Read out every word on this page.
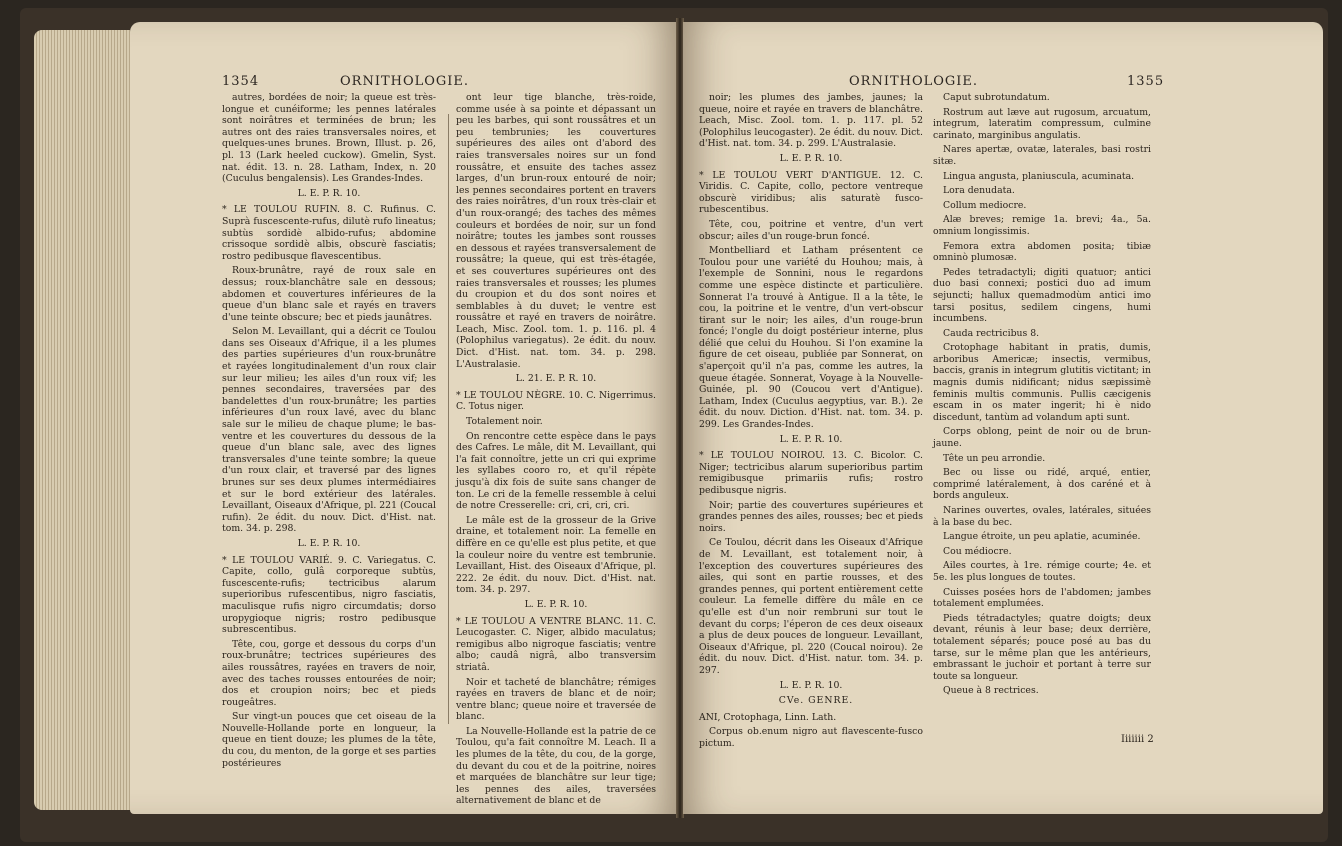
1354	ORNITHOLOGIE.

autres, bordées de noir; la queue est très-longue et cunéiforme; les pennes latérales sont noirâtres et terminées de brun; les autres ont des raies transversales noires, et quelques-unes brunes. Brown, Illust. p. 26, pl. 13 (Lark heeled cuckow). Gmelin, Syst. nat. édit. 13. n. 28. Latham, Index, n. 20 (Cuculus bengalensis). Les Grandes-Indes.

L. E. P. R. 10.

* LE TOULOU RUFIN. 8. C. Rufinus. C. Suprà fuscescente-rufus, dilutè rufo lineatus; subtùs sordidè albido-rufus; abdomine crissoque sordidè albis, obscurè fasciatis; rostro pedibusque flavescentibus.

Roux-brunâtre, rayé de roux sale en dessus; roux-blanchâtre sale en dessous; abdomen et couvertures inférieures de la queue d'un blanc sale et rayés en travers d'une teinte obscure; bec et pieds jaunâtres.

Selon M. Levaillant, qui a décrit ce Toulou dans ses Oiseaux d'Afrique, il a les plumes des parties supérieures d'un roux-brunâtre et rayées longitudinalement d'un roux clair sur leur milieu; les ailes d'un roux vif; les pennes secondaires, traversées par des bandelettes d'un roux-brunâtre; les parties inférieures d'un roux lavé, avec du blanc sale sur le milieu de chaque plume; le bas-ventre et les couvertures du dessous de la queue d'un blanc sale, avec des lignes transversales d'une teinte sombre; la queue d'un roux clair, et traversé par des lignes brunes sur ses deux plumes intermédiaires et sur le bord extérieur des latérales. Levaillant, Oiseaux d'Afrique, pl. 221 (Coucal rufin). 2e édit. du nouv. Dict. d'Hist. nat. tom. 34. p. 298.

L. E. P. R. 10.

* LE TOULOU VARIÉ. 9. C. Variegatus. C. Capite, collo, gulâ corporeque subtùs, fuscescente-rufis; tectricibus alarum superioribus rufescentibus, nigro fasciatis, maculisque rufis nigro circumdatis; dorso uropygioque nigris; rostro pedibusque subrescentibus.

Tête, cou, gorge et dessous du corps d'un roux-brunâtre; tectrices supérieures des ailes roussâtres, rayées en travers de noir, avec des taches rousses entourées de noir; dos et croupion noirs; bec et pieds rougeâtres.

Sur vingt-un pouces que cet oiseau de la Nouvelle-Hollande porte en longueur, la queue en tient douze; les plumes de la tête, du cou, du menton, de la gorge et ses parties postérieures

ont leur tige blanche, très-roide, comme usée à sa pointe et dépassant un peu les barbes, qui sont roussâtres et un peu tembrunies; les couvertures supérieures des ailes ont d'abord des raies transversales noires sur un fond roussâtre, et ensuite des taches assez larges, d'un brun-roux entouré de noir; les pennes secondaires portent en travers des raies noirâtres, d'un roux très-clair et d'un roux-orangé; des taches des mêmes couleurs et bordées de noir, sur un fond noirâtre; toutes les jambes sont rousses en dessous et rayées transversalement de roussâtre; la queue, qui est très-étagée, et ses couvertures supérieures ont des raies transversales et rousses; les plumes du croupion et du dos sont noires et semblables à du duvet; le ventre est roussâtre et rayé en travers de noirâtre. Leach, Misc. Zool. tom. 1. p. 116. pl. 4 (Polophilus variegatus). 2e édit. du nouv. Dict. d'Hist. nat. tom. 34. p. 298. L'Australasie.

L. 21. E. P. R. 10.

* LE TOULOU NÈGRE. 10. C. Nigerrimus. C. Totus niger.

Totalement noir.

On rencontre cette espèce dans le pays des Cafres. Le mâle, dit M. Levaillant, qui l'a fait connoître, jette un cri qui exprime les syllabes cooro ro, et qu'il répète jusqu'à dix fois de suite sans changer de ton. Le cri de la femelle ressemble à celui de notre Cresserelle: cri, cri, cri, cri.

Le mâle est de la grosseur de la Grive draine, et totalement noir. La femelle en diffère en ce qu'elle est plus petite, et que la couleur noire du ventre est tembrunie. Levaillant, Hist. des Oiseaux d'Afrique, pl. 222. 2e édit. du nouv. Dict. d'Hist. nat. tom. 34. p. 297.

L. E. P. R. 10.

* LE TOULOU A VENTRE BLANC. 11. C. Leucogaster. C. Niger, albido maculatus; remigibus albo nigroque fasciatis; ventre albo; caudâ nigrâ, albo transversim striatâ.

Noir et tacheté de blanchâtre; rémiges rayées en travers de blanc et de noir; ventre blanc; queue noire et traversée de blanc.

La Nouvelle-Hollande est la patrie de ce Toulou, qu'a fait connoître M. Leach. Il a les plumes de la tête, du cou, de la gorge, du devant du cou et de la poitrine, noires et marquées de blanchâtre sur leur tige; les pennes des ailes, traversées alternativement de blanc et de

ORNITHOLOGIE.	1355

noir; les plumes des jambes, jaunes; la queue, noire et rayée en travers de blanchâtre. Leach, Misc. Zool. tom. 1. p. 117. pl. 52 (Polophilus leucogaster). 2e édit. du nouv. Dict. d'Hist. nat. tom. 34. p. 299. L'Australasie.

L. E. P. R. 10.

* LE TOULOU VERT D'ANTIGUE. 12. C. Viridis. C. Capite, collo, pectore ventreque obscurè viridibus; alis saturatè fusco-rubescentibus.

Tête, cou, poitrine et ventre, d'un vert obscur; ailes d'un rouge-brun foncé.

Montbelliard et Latham présentent ce Toulou pour une variété du Houhou; mais, à l'exemple de Sonnini, nous le regardons comme une espèce distincte et particulière. Sonnerat l'a trouvé à Antigue. Il a la tête, le cou, la poitrine et le ventre, d'un vert-obscur tirant sur le noir; les ailes, d'un rouge-brun foncé; l'ongle du doigt postérieur interne, plus délié que celui du Houhou. Si l'on examine la figure de cet oiseau, publiée par Sonnerat, on s'aperçoit qu'il n'a pas, comme les autres, la queue étagée. Sonnerat, Voyage à la Nouvelle-Guinée, pl. 90 (Coucou vert d'Antigue). Latham, Index (Cuculus aegyptius, var. B.). 2e édit. du nouv. Diction. d'Hist. nat. tom. 34. p. 299. Les Grandes-Indes.

L. E. P. R. 10.

* LE TOULOU NOIROU. 13. C. Bicolor. C. Niger; tectricibus alarum superioribus partim remigibusque primariis rufis; rostro pedibusque nigris.

Noir; partie des couvertures supérieures et grandes pennes des ailes, rousses; bec et pieds noirs.

Ce Toulou, décrit dans les Oiseaux d'Afrique de M. Levaillant, est totalement noir, à l'exception des couvertures supérieures des ailes, qui sont en partie rousses, et des grandes pennes, qui portent entièrement cette couleur. La femelle diffère du mâle en ce qu'elle est d'un noir rembruni sur tout le devant du corps; l'éperon de ces deux oiseaux a plus de deux pouces de longueur. Levaillant, Oiseaux d'Afrique, pl. 220 (Coucal noirou). 2e édit. du nouv. Dict. d'Hist. natur. tom. 34. p. 297.

L. E. P. R. 10.

CVe. GENRE.

ANI, Crotophaga, Linn. Lath.

Corpus ob.enum nigro aut flavescente-fusco pictum.

Caput subrotundatum.

Rostrum aut læve aut rugosum, arcuatum, integrum, lateratim compressum, culmine carinato, marginibus angulatis.

Nares apertæ, ovatæ, laterales, basi rostri sitæ.

Lingua angusta, planiuscula, acuminata.

Lora denudata.

Collum mediocre.

Alæ breves; remige 1a. brevi; 4a., 5a. omnium longissimis.

Femora extra abdomen posita; tibiæ omninò plumosæ.

Pedes tetradactyli; digiti quatuor; antici duo basi connexi; postici duo ad imum sejuncti; hallux quemadmodùm antici imo tarsi positus, sedilem cingens, humi incumbens.

Cauda rectricibus 8.

Crotophage habitant in pratis, dumis, arboribus Americæ; insectis, vermibus, baccis, granis in integrum glutitis victitant; in magnis dumis nidificant; nidus sæpissimè feminis multis communis. Pullis cæcigenis escam in os mater ingerit; hi è nido discedunt, tantùm ad volandum apti sunt.

Corps oblong, peint de noir ou de brun-jaune.

Tête un peu arrondie.

Bec ou lisse ou ridé, arqué, entier, comprimé latéralement, à dos caréné et à bords anguleux.

Narines ouvertes, ovales, latérales, situées à la base du bec.

Langue étroite, un peu aplatie, acuminée.

Cou médiocre.

Ailes courtes, à 1re. rémige courte; 4e. et 5e. les plus longues de toutes.

Cuisses posées hors de l'abdomen; jambes totalement emplumées.

Pieds tétradactyles; quatre doigts; deux devant, réunis à leur base; deux derrière, totalement séparés; pouce posé au bas du tarse, sur le même plan que les antérieurs, embrassant le juchoir et portant à terre sur toute sa longueur.

Queue à 8 rectrices.

Iiiiiii 2
